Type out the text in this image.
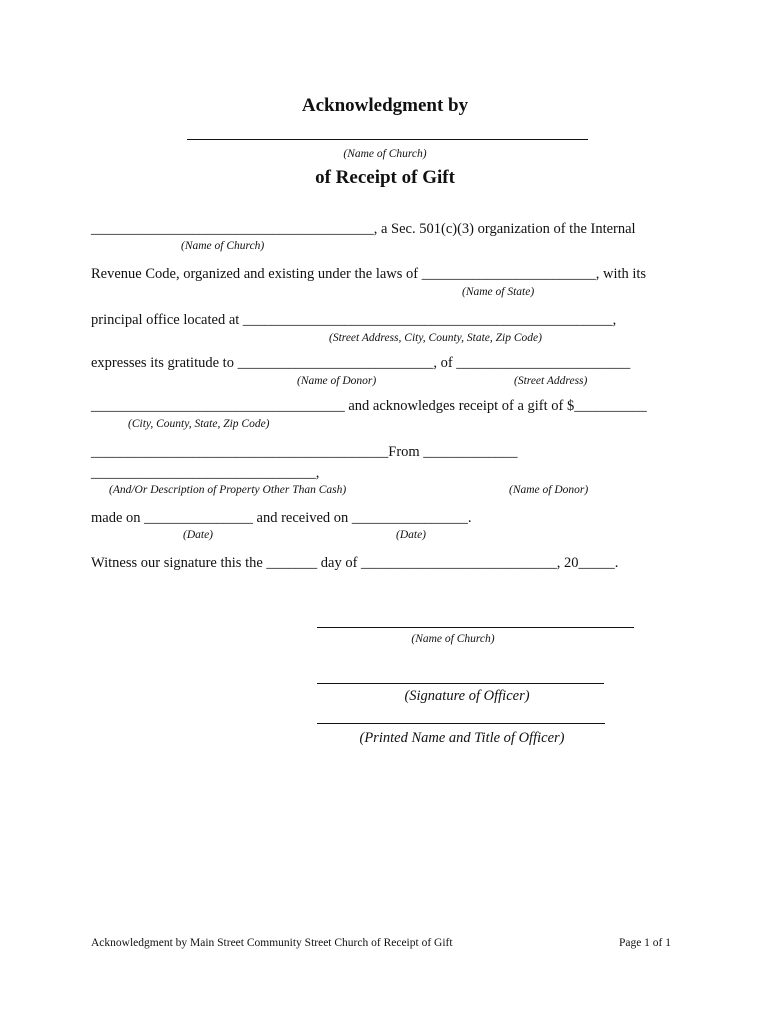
Acknowledgment by
(Name of Church)
of Receipt of Gift
_______________________________________, a Sec. 501(c)(3) organization of the Internal
(Name of Church)
Revenue Code, organized and existing under the laws of ________________________, with its
(Name of State)
principal office located at ___________________________________________________,
(Street Address, City, County, State, Zip Code)
expresses its gratitude to ___________________________, of ________________________
(Name of Donor)	(Street Address)
___________________________________ and acknowledges receipt of a gift of $__________
(City, County, State, Zip Code)
_________________________________________From _____________
_______________________________,
(And/Or Description of Property Other Than Cash)	(Name of Donor)
made on _______________ and received on ________________.
(Date)	(Date)
Witness our signature this the _______ day of ___________________________, 20_____.
(Name of Church)
(Signature of Officer)
(Printed Name and Title of Officer)
Acknowledgment by Main Street Community Street Church of Receipt of Gift	Page 1 of 1
